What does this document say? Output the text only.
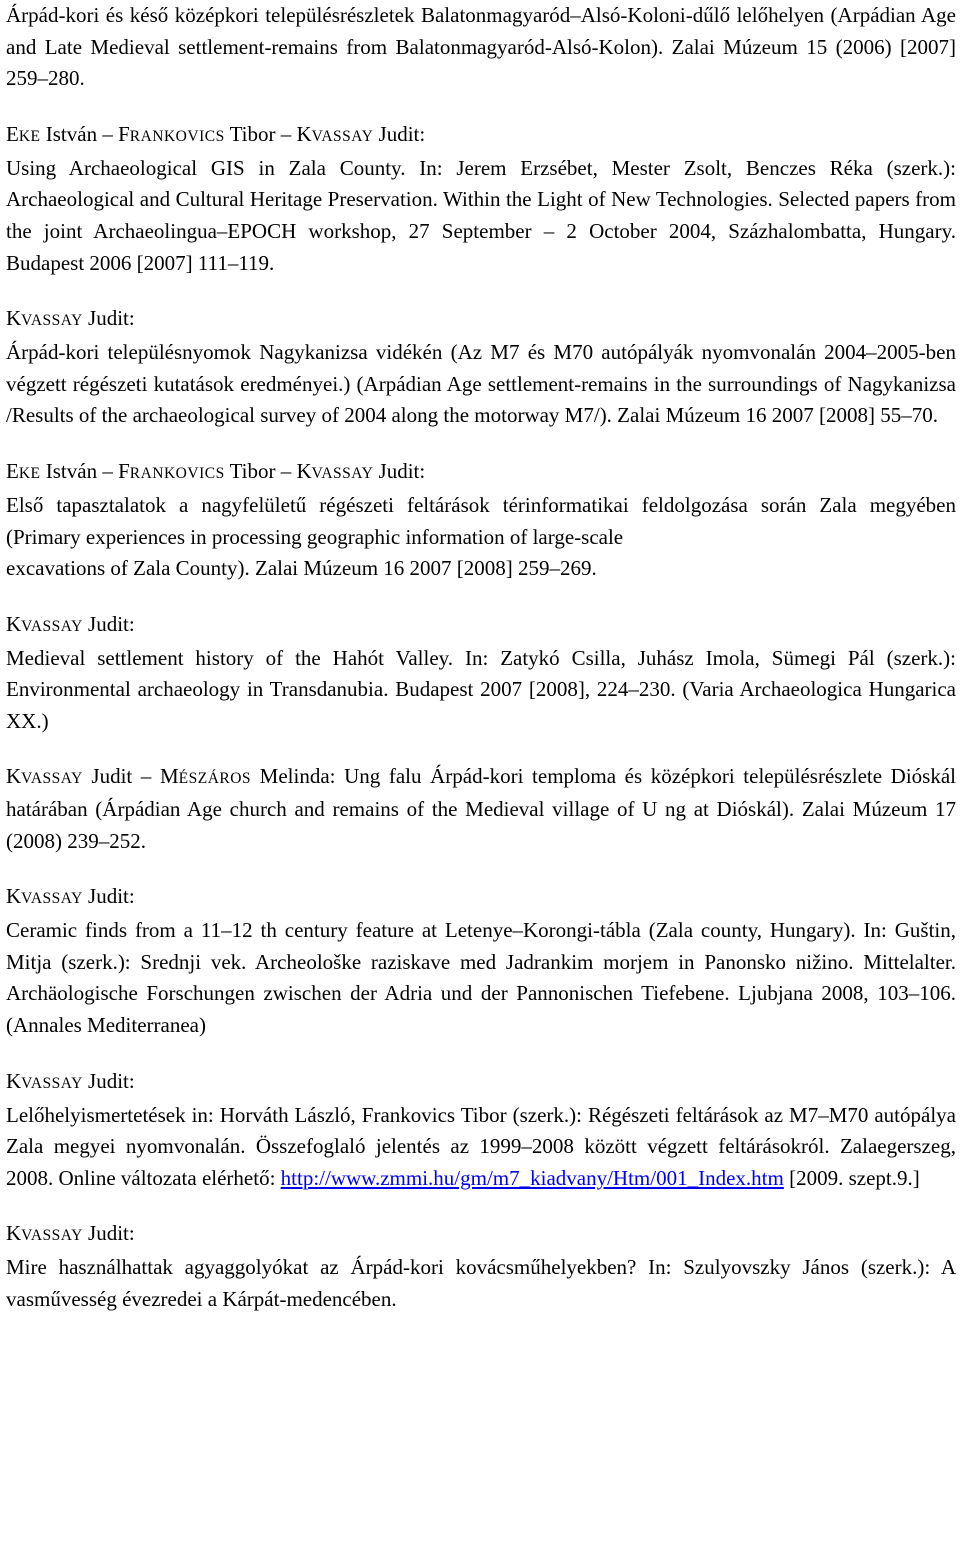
Árpád-kori és késő középkori településrészletek Balatonmagyaród–Alsó-Koloni-dűlő lelőhelyen (Arpádian Age and Late Medieval settlement-remains from Balatonmagyaród-Alsó-Kolon). Zalai Múzeum 15 (2006) [2007] 259–280.

EKE István – FRANKOVICS Tibor – KVASSAY Judit:

Using Archaeological GIS in Zala County. In: Jerem Erzsébet, Mester Zsolt, Benczes Réka (szerk.): Archaeological and Cultural Heritage Preservation. Within the Light of New Technologies. Selected papers from the joint Archaeolingua–EPOCH workshop, 27 September – 2 October 2004, Százhalombatta, Hungary. Budapest 2006 [2007] 111–119.

KVASSAY Judit:

Árpád-kori településnyomok Nagykanizsa vidékén (Az M7 és M70 autópályák nyomvonalán 2004–2005-ben végzett régészeti kutatások eredményei.) (Arpádian Age settlement-remains in the surroundings of Nagykanizsa /Results of the archaeological survey of 2004 along the motorway M7/). Zalai Múzeum 16 2007 [2008] 55–70.

EKE István – FRANKOVICS Tibor – KVASSAY Judit:

Első tapasztalatok a nagyfelületű régészeti feltárások térinformatikai feldolgozása során Zala megyében (Primary experiences in processing geographic information of large-scale

excavations of Zala County). Zalai Múzeum 16 2007 [2008] 259–269.

KVASSAY Judit:

Medieval settlement history of the Hahót Valley. In: Zatykó Csilla, Juhász Imola, Sümegi Pál (szerk.): Environmental archaeology in Transdanubia. Budapest 2007 [2008], 224–230. (Varia Archaeologica Hungarica XX.)

KVASSAY Judit – MÉSZÁROS Melinda: Ung falu Árpád-kori temploma és középkori településrészlete Dióskál határában (Árpádian Age church and remains of the Medieval village of U ng at Dióskál). Zalai Múzeum 17 (2008) 239–252.

KVASSAY Judit:

Ceramic finds from a 11–12 th century feature at Letenye–Korongi-tábla (Zala county, Hungary). In: Guštin, Mitja (szerk.): Srednji vek. Archeološke raziskave med Jadrankim morjem in Panonsko nižino. Mittelalter. Archäologische Forschungen zwischen der Adria und der Pannonischen Tiefebene. Ljubjana 2008, 103–106. (Annales Mediterranea)

KVASSAY Judit:

Lelőhelyismertetések in: Horváth László, Frankovics Tibor (szerk.): Régészeti feltárások az M7–M70 autópálya Zala megyei nyomvonalán. Összefoglaló jelentés az 1999–2008 között végzett feltárásokról. Zalaegerszeg, 2008. Online változata elérhető: http://www.zmmi.hu/gm/m7_kiadvany/Htm/001_Index.htm [2009. szept.9.]

KVASSAY Judit:

Mire használhattak agyaggolyókat az Árpád-kori kovácsműhelyekben? In: Szulyovszky János (szerk.): A vasművesség évezredei a Kárpát-medencében.
